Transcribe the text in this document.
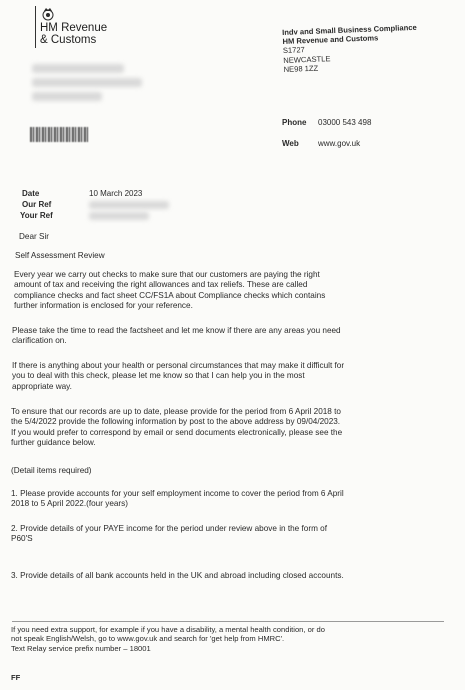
HM Revenue
& Customs
Indv and Small Business Compliance
HM Revenue and Customs
S1727
NEWCASTLE
NE98 1ZZ
Phone 03000 543 498
Web www.gov.uk
Date	10 March 2023
Our Ref
Your Ref
Dear Sir
Self Assessment Review
Every year we carry out checks to make sure that our customers are paying the right
amount of tax and receiving the right allowances and tax reliefs. These are called
compliance checks and fact sheet CC/FS1A about Compliance checks which contains
further information is enclosed for your reference.
Please take the time to read the factsheet and let me know if there are any areas you need
clarification on.
If there is anything about your health or personal circumstances that may make it difficult for
you to deal with this check, please let me know so that I can help you in the most
appropriate way.
To ensure that our records are up to date, please provide for the period from 6 April 2018 to
the 5/4/2022 provide the following information by post to the above address by 09/04/2023.
If you would prefer to correspond by email or send documents electronically, please see the
further guidance below.
(Detail items required)
1. Please provide accounts for your self employment income to cover the period from 6 April
2018 to 5 April 2022.(four years)
2. Provide details of your PAYE income for the period under review above in the form of
P60'S
3. Provide details of all bank accounts held in the UK and abroad including closed accounts.
If you need extra support, for example if you have a disability, a mental health condition, or do
not speak English/Welsh, go to www.gov.uk and search for 'get help from HMRC'.
Text Relay service prefix number – 18001
FF
